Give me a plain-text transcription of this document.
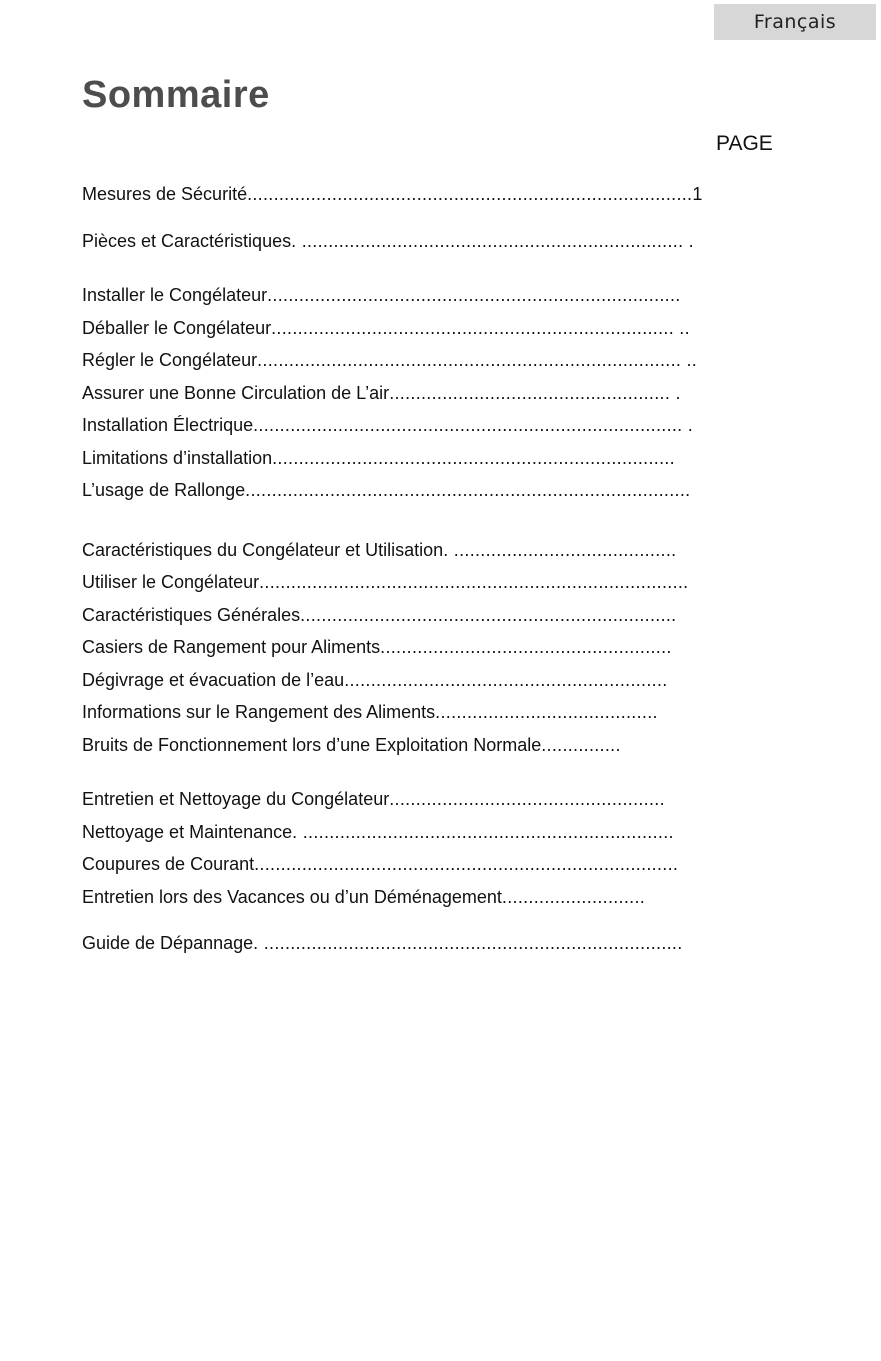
Français
Sommaire
PAGE
Mesures de Sécurité....................................................................................1
Pièces et Caractéristiques. ........................................................................ .
Installer le Congélateur..............................................................................
Déballer le Congélateur............................................................................ ..
Régler le Congélateur................................................................................ ..
Assurer une Bonne Circulation de L’air..................................................... .
Installation Électrique................................................................................. .
Limitations d’installation............................................................................
L’usage de Rallonge....................................................................................
Caractéristiques du Congélateur et Utilisation. ..........................................
Utiliser le Congélateur.................................................................................
Caractéristiques Générales.......................................................................
Casiers de Rangement pour Aliments.......................................................
Dégivrage et évacuation de l’eau.............................................................
Informations sur le Rangement des Aliments..........................................
Bruits de Fonctionnement lors d’une Exploitation Normale...............
Entretien et Nettoyage du Congélateur....................................................
Nettoyage et Maintenance. ......................................................................
Coupures de Courant................................................................................
Entretien lors des Vacances ou d’un Déménagement...........................
Guide de Dépannage. ...............................................................................
